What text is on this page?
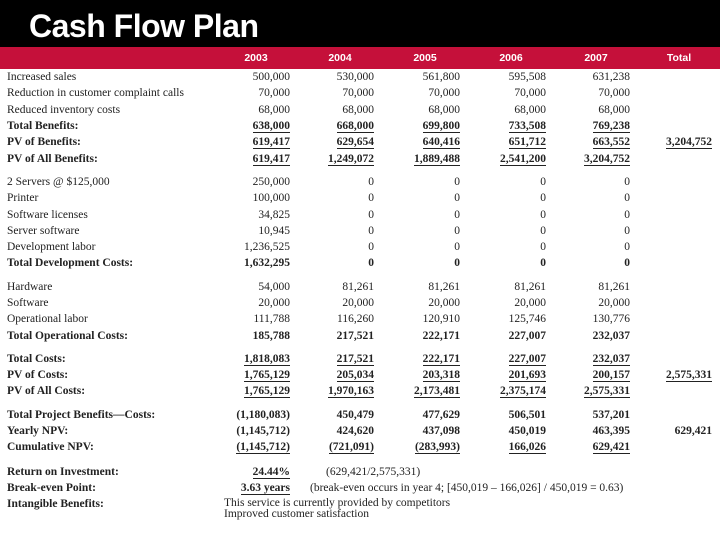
Cash Flow Plan
	2003	2004	2005	2006	2007	Total
Increased sales	500,000	530,000	561,800	595,508	631,238	
Reduction in customer complaint calls	70,000	70,000	70,000	70,000	70,000	
Reduced inventory costs	68,000	68,000	68,000	68,000	68,000	
Total Benefits:	638,000	668,000	699,800	733,508	769,238	
PV of Benefits:	619,417	629,654	640,416	651,712	663,552	3,204,752
PV of All Benefits:	619,417	1,249,072	1,889,488	2,541,200	3,204,752	

2 Servers @ $125,000	250,000	0	0	0	0	
Printer	100,000	0	0	0	0	
Software licenses	34,825	0	0	0	0	
Server software	10,945	0	0	0	0	
Development labor	1,236,525	0	0	0	0	
Total Development Costs:	1,632,295	0	0	0	0	

Hardware	54,000	81,261	81,261	81,261	81,261	
Software	20,000	20,000	20,000	20,000	20,000	
Operational labor	111,788	116,260	120,910	125,746	130,776	
Total Operational Costs:	185,788	217,521	222,171	227,007	232,037	

Total Costs:	1,818,083	217,521	222,171	227,007	232,037	
PV of Costs:	1,765,129	205,034	203,318	201,693	200,157	2,575,331
PV of All Costs:	1,765,129	1,970,163	2,173,481	2,375,174	2,575,331	

Total Project Benefits—Costs:	(1,180,083)	450,479	477,629	506,501	537,201	
Yearly NPV:	(1,145,712)	424,620	437,098	450,019	463,395	629,421
Cumulative NPV:	(1,145,712)	(721,091)	(283,993)	166,026	629,421	

Return on Investment:	24.44%	(629,421/2,575,331)				
Break-even Point:	3.63 years	(break-even occurs in year 4; [450,019 – 166,026] / 450,019 = 0.63)				
Intangible Benefits:	This service is currently provided by competitors
Improved customer satisfaction					
